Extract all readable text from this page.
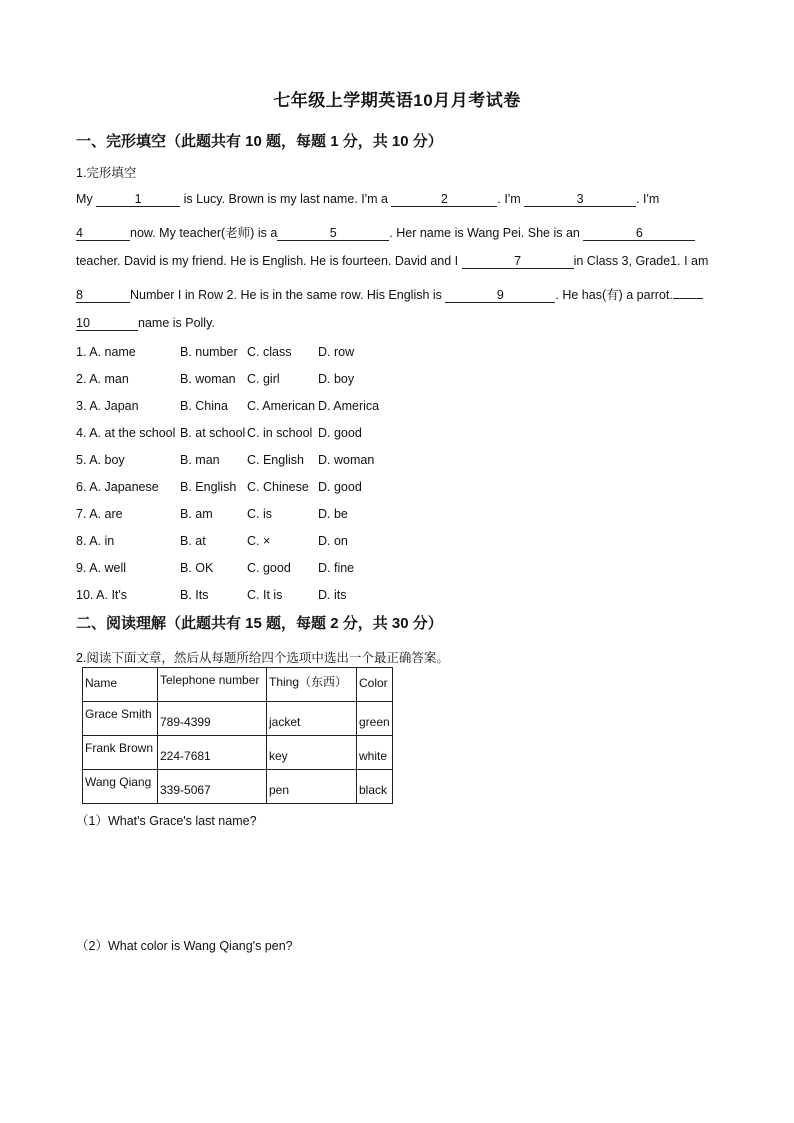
七年级上学期英语10月月考试卷
一、完形填空（此题共有 10 题，每题 1 分，共 10 分）
1.完形填空
My	1	is Lucy. Brown is my last name. I'm a	2	. I'm	3	. I'm
4	now. My teacher(老师) is a	5	. Her name is Wang Pei. She is an	6
teacher. David is my friend. He is English. He is fourteen. David and I	7	in Class 3, Grade1. I am
8	Number I in Row 2. He is in the same row. His English is	9	. He has(有) a parrot.
10	name is Polly.
1. A. name	B. number C. class D. row
2. A. man	B. woman C. girl	D. boy
3. A. Japan	B. China C. American D. America
4. A. at the school B. at school C. in school D. good
5. A. boy	B. man C. English D. woman
6. A. Japanese B. English C. Chinese D. good
7. A. are	B. am	C. is	D. be
8. A. in	B. at	C. ×	D. on
9. A. well	B. OK	C. good D. fine
10. A. It's	B. Its	C. It is	D. its
二、阅读理解（此题共有 15 题，每题 2 分，共 30 分）
2.阅读下面文章，然后从每题所给四个选项中选出一个最正确答案。
Name	Telephone number	Thing（东西）	Color

Grace Smith	789-4399	jacket	green

Frank Brown	224-7681	key	white

Wang Qiang	339-5067	pen	black
（1）What's Grace's last name?
（2）What color is Wang Qiang's pen?
